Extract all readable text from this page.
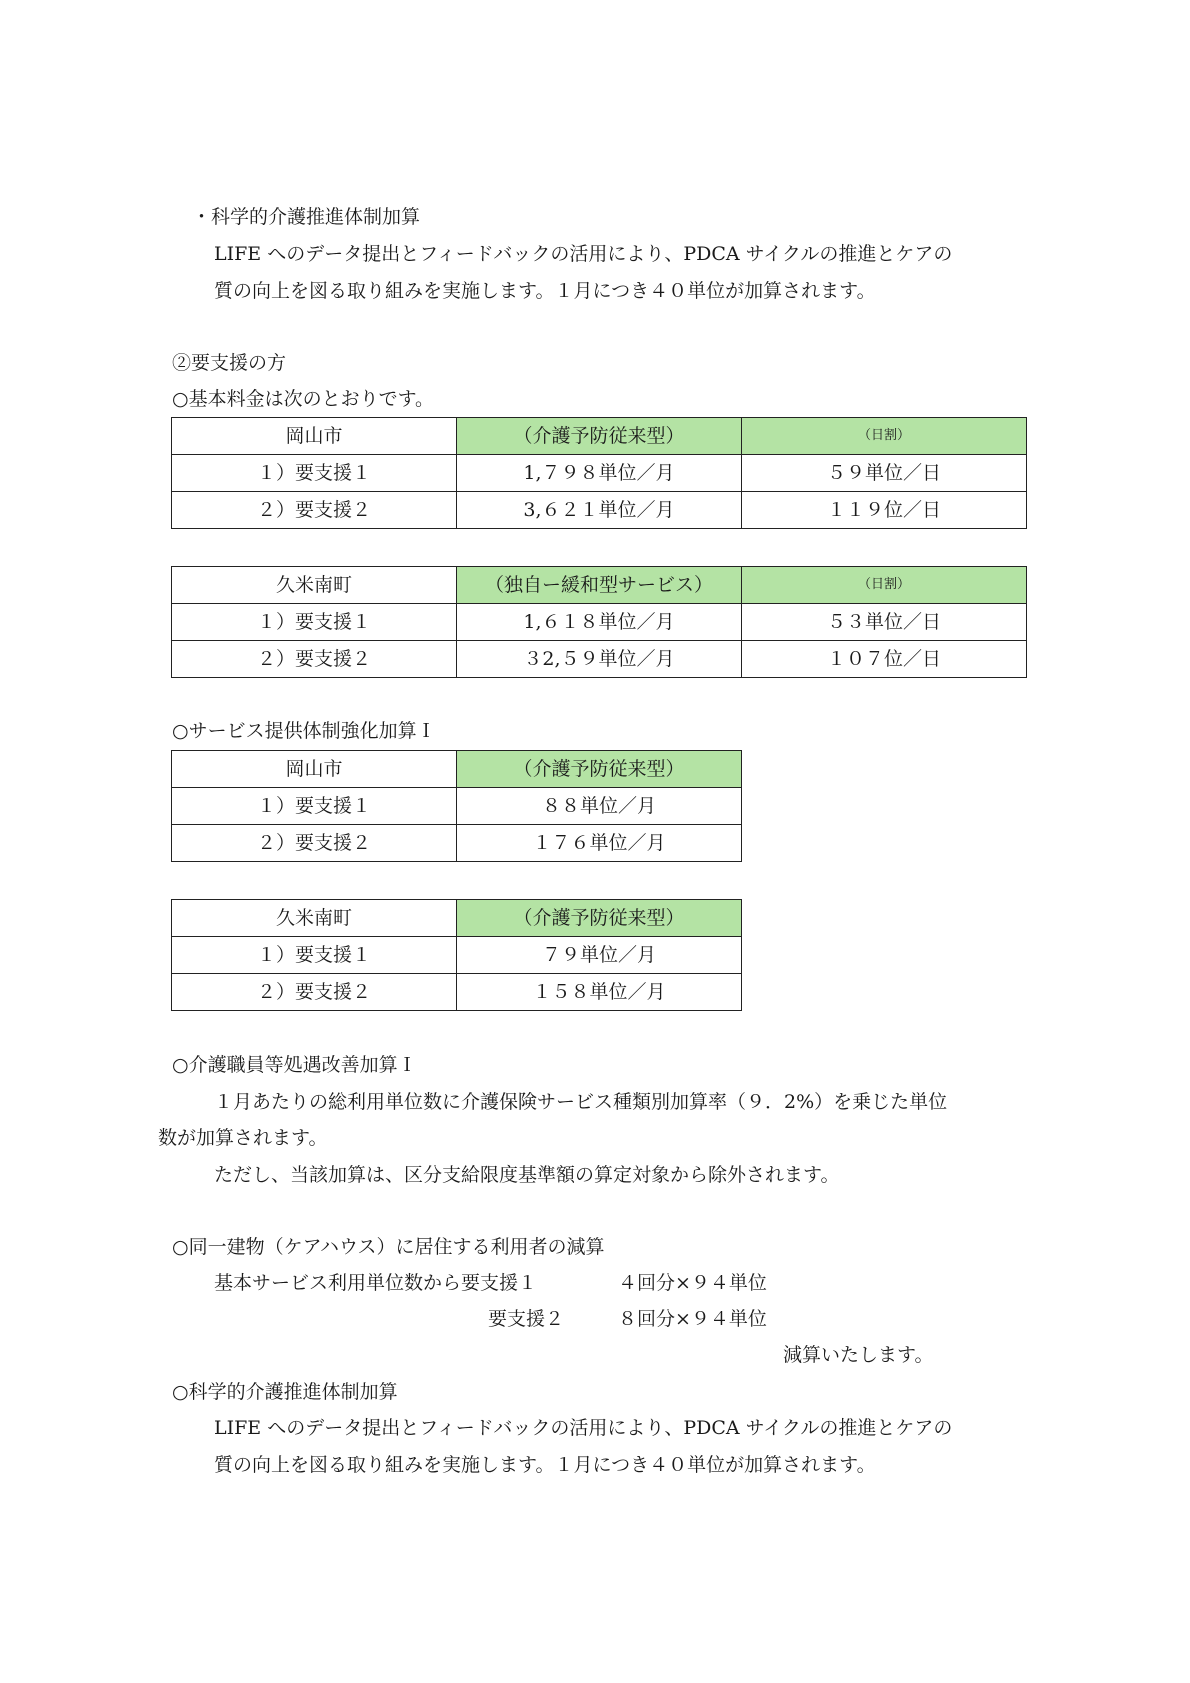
・科学的介護推進体制加算
LIFE へのデータ提出とフィードバックの活用により、PDCA サイクルの推進とケアの
質の向上を図る取り組みを実施します。１月につき４０単位が加算されます。
②要支援の方
○基本料金は次のとおりです。
岡山市	（介護予防従来型）	（日割）
１）要支援１	1,７９８単位／月	５９単位／日
２）要支援２	3,６２１単位／月	１１９位／日
久米南町	（独自ー緩和型サービス）	（日割）
１）要支援１	1,６１８単位／月	５３単位／日
２）要支援２	３2,５９単位／月	１０７位／日
○サービス提供体制強化加算Ｉ
岡山市	（介護予防従来型）
１）要支援１	８８単位／月
２）要支援２	１７６単位／月
久米南町	（介護予防従来型）
１）要支援１	７９単位／月
２）要支援２	１５８単位／月
○介護職員等処遇改善加算Ｉ
１月あたりの総利用単位数に介護保険サービス種類別加算率（９．2%）を乗じた単位
数が加算されます。
ただし、当該加算は、区分支給限度基準額の算定対象から除外されます。
○同一建物（ケアハウス）に居住する利用者の減算
基本サービス利用単位数から要支援１	４回分×９４単位
要支援２	８回分×９４単位
減算いたします。
○科学的介護推進体制加算
LIFE へのデータ提出とフィードバックの活用により、PDCA サイクルの推進とケアの
質の向上を図る取り組みを実施します。１月につき４０単位が加算されます。
